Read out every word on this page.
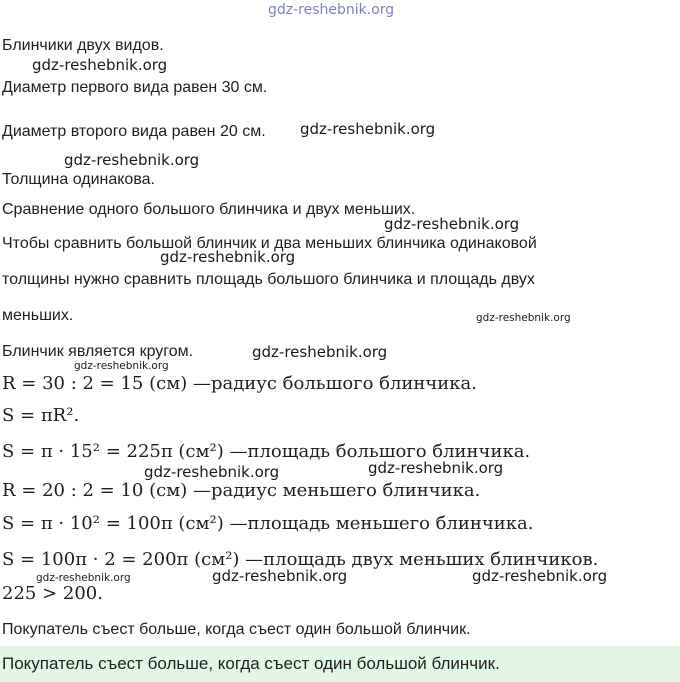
gdz-reshebnik.org
Блинчики двух видов.
gdz-reshebnik.org
Диаметр первого вида равен 30 см.
gdz-reshebnik.org
Диаметр второго вида равен 20 см.
gdz-reshebnik.org
Толщина одинакова.
Сравнение одного большого блинчика и двух меньших.
gdz-reshebnik.org
Чтобы сравнить большой блинчик и два меньших блинчика одинаковой
gdz-reshebnik.org
толщины нужно сравнить площадь большого блинчика и площадь двух
меньших.	gdz-reshebnik.org
Блинчик является кругом.	gdz-reshebnik.org
gdz-reshebnik.org
R = 30 : 2 = 15 (см) —радиус большого блинчика.
S = πR².
S = π · 15² = 225π (см²) —площадь большого блинчика.
gdz-reshebnik.org	gdz-reshebnik.org
R = 20 : 2 = 10 (см) —радиус меньшего блинчика.
S = π · 10² = 100π (см²) —площадь меньшего блинчика.
S = 100π · 2 = 200π (см²) —площадь двух меньших блинчиков.
gdz-reshebnik.org	gdz-reshebnik.org	gdz-reshebnik.org
225 > 200.
Покупатель съест больше, когда съест один большой блинчик.
Покупатель съест больше, когда съест один большой блинчик.
